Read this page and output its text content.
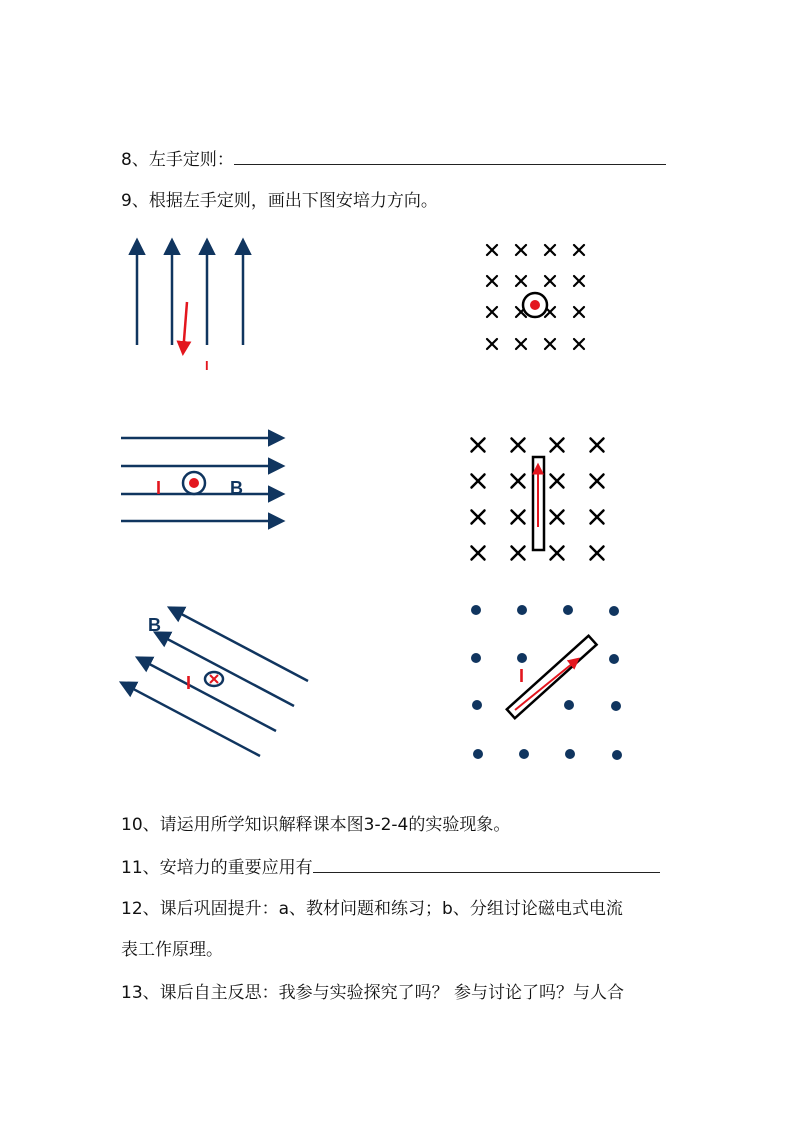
8、左手定则：
9、根据左手定则，画出下图安培力方向。
I
I	B
B
I	I
10、请运用所学知识解释课本图3-2-4的实验现象。
11、安培力的重要应用有
12、课后巩固提升：a、教材问题和练习；b、分组讨论磁电式电流
表工作原理。
13、课后自主反思：我参与实验探究了吗？ 参与讨论了吗？与人合
